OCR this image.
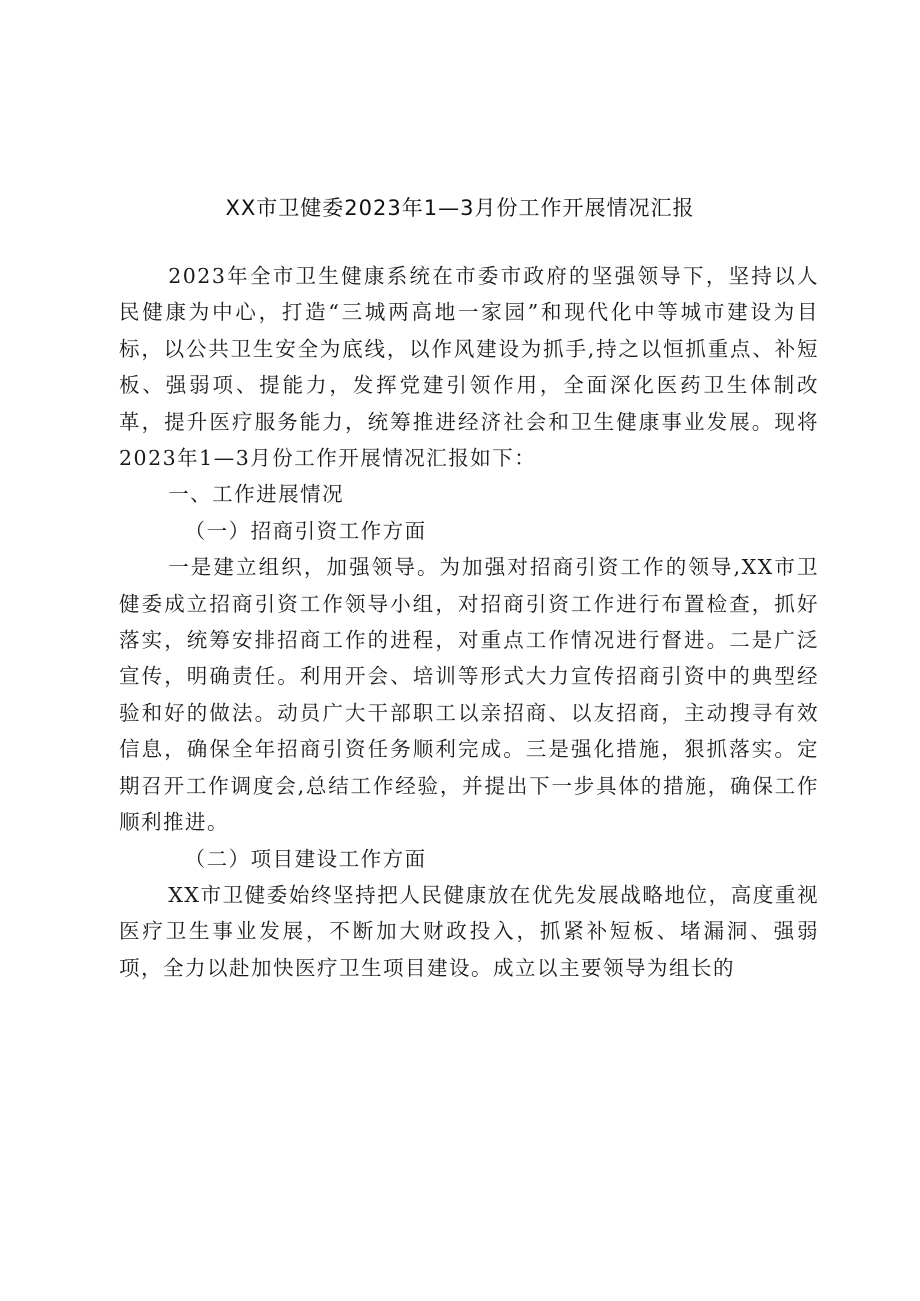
XX市卫健委2023年1—3月份工作开展情况汇报

2023年全市卫生健康系统在市委市政府的坚强领导下，坚持以人民健康为中心，打造“三城两高地一家园”和现代化中等城市建设为目标，以公共卫生安全为底线，以作风建设为抓手,持之以恒抓重点、补短板、强弱项、提能力，发挥党建引领作用，全面深化医药卫生体制改革，提升医疗服务能力，统筹推进经济社会和卫生健康事业发展。现将2023年1—3月份工作开展情况汇报如下：

一、工作进展情况

（一）招商引资工作方面

一是建立组织，加强领导。为加强对招商引资工作的领导,XX市卫健委成立招商引资工作领导小组，对招商引资工作进行布置检查，抓好落实，统筹安排招商工作的进程，对重点工作情况进行督进。二是广泛宣传，明确责任。利用开会、培训等形式大力宣传招商引资中的典型经验和好的做法。动员广大干部职工以亲招商、以友招商，主动搜寻有效信息，确保全年招商引资任务顺利完成。三是强化措施，狠抓落实。定期召开工作调度会,总结工作经验，并提出下一步具体的措施，确保工作顺利推进。

（二）项目建设工作方面

XX市卫健委始终坚持把人民健康放在优先发展战略地位，高度重视医疗卫生事业发展，不断加大财政投入，抓紧补短板、堵漏洞、强弱项，全力以赴加快医疗卫生项目建设。成立以主要领导为组长的
